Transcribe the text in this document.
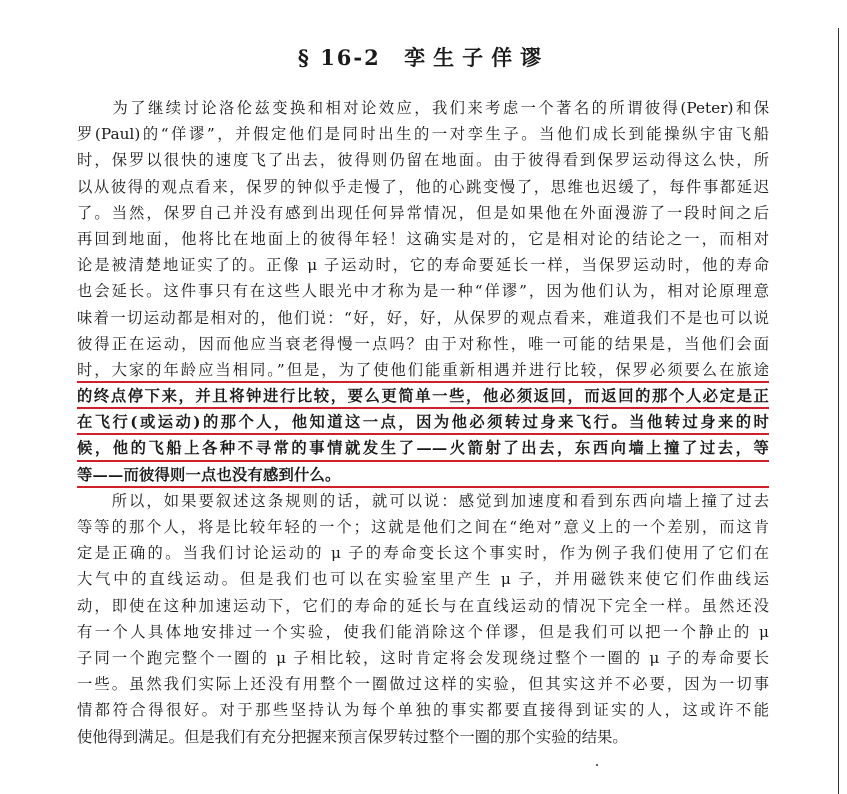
§ 16-2 孪生子佯谬
　　为了继续讨论洛伦兹变换和相对论效应，我们来考虑一个著名的所谓彼得(Peter)和保
罗(Paul)的“佯谬”，并假定他们是同时出生的一对孪生子。当他们成长到能操纵宇宙飞船
时，保罗以很快的速度飞了出去，彼得则仍留在地面。由于彼得看到保罗运动得这么快，所
以从彼得的观点看来，保罗的钟似乎走慢了，他的心跳变慢了，思维也迟缓了，每件事都延迟
了。当然，保罗自己并没有感到出现任何异常情况，但是如果他在外面漫游了一段时间之后
再回到地面，他将比在地面上的彼得年轻！这确实是对的，它是相对论的结论之一，而相对
论是被清楚地证实了的。正像 μ 子运动时，它的寿命要延长一样，当保罗运动时，他的寿命
也会延长。这件事只有在这些人眼光中才称为是一种“佯谬”，因为他们认为，相对论原理意
味着一切运动都是相对的，他们说：“好，好，好，从保罗的观点看来，难道我们不是也可以说
彼得正在运动，因而他应当衰老得慢一点吗？由于对称性，唯一可能的结果是，当他们会面
时，大家的年龄应当相同。”但是，为了使他们能重新相遇并进行比较，保罗必须要么在旅途
的终点停下来，并且将钟进行比较，要么更简单一些，他必须返回，而返回的那个人必定是正
在飞行(或运动)的那个人，他知道这一点，因为他必须转过身来飞行。当他转过身来的时
候，他的飞船上各种不寻常的事情就发生了——火箭射了出去，东西向墙上撞了过去，等
等——而彼得则一点也没有感到什么。
　　所以，如果要叙述这条规则的话，就可以说：感觉到加速度和看到东西向墙上撞了过去
等等的那个人，将是比较年轻的一个；这就是他们之间在“绝对”意义上的一个差别，而这肯
定是正确的。当我们讨论运动的 μ 子的寿命变长这个事实时，作为例子我们使用了它们在
大气中的直线运动。但是我们也可以在实验室里产生 μ 子，并用磁铁来使它们作曲线运
动，即使在这种加速运动下，它们的寿命的延长与在直线运动的情况下完全一样。虽然还没
有一个人具体地安排过一个实验，使我们能消除这个佯谬，但是我们可以把一个静止的 μ
子同一个跑完整个一圈的 μ 子相比较，这时肯定将会发现绕过整个一圈的 μ 子的寿命要长
一些。虽然我们实际上还没有用整个一圈做过这样的实验，但其实这并不必要，因为一切事
情都符合得很好。对于那些坚持认为每个单独的事实都要直接得到证实的人，这或许不能
使他得到满足。但是我们有充分把握来预言保罗转过整个一圈的那个实验的结果。
